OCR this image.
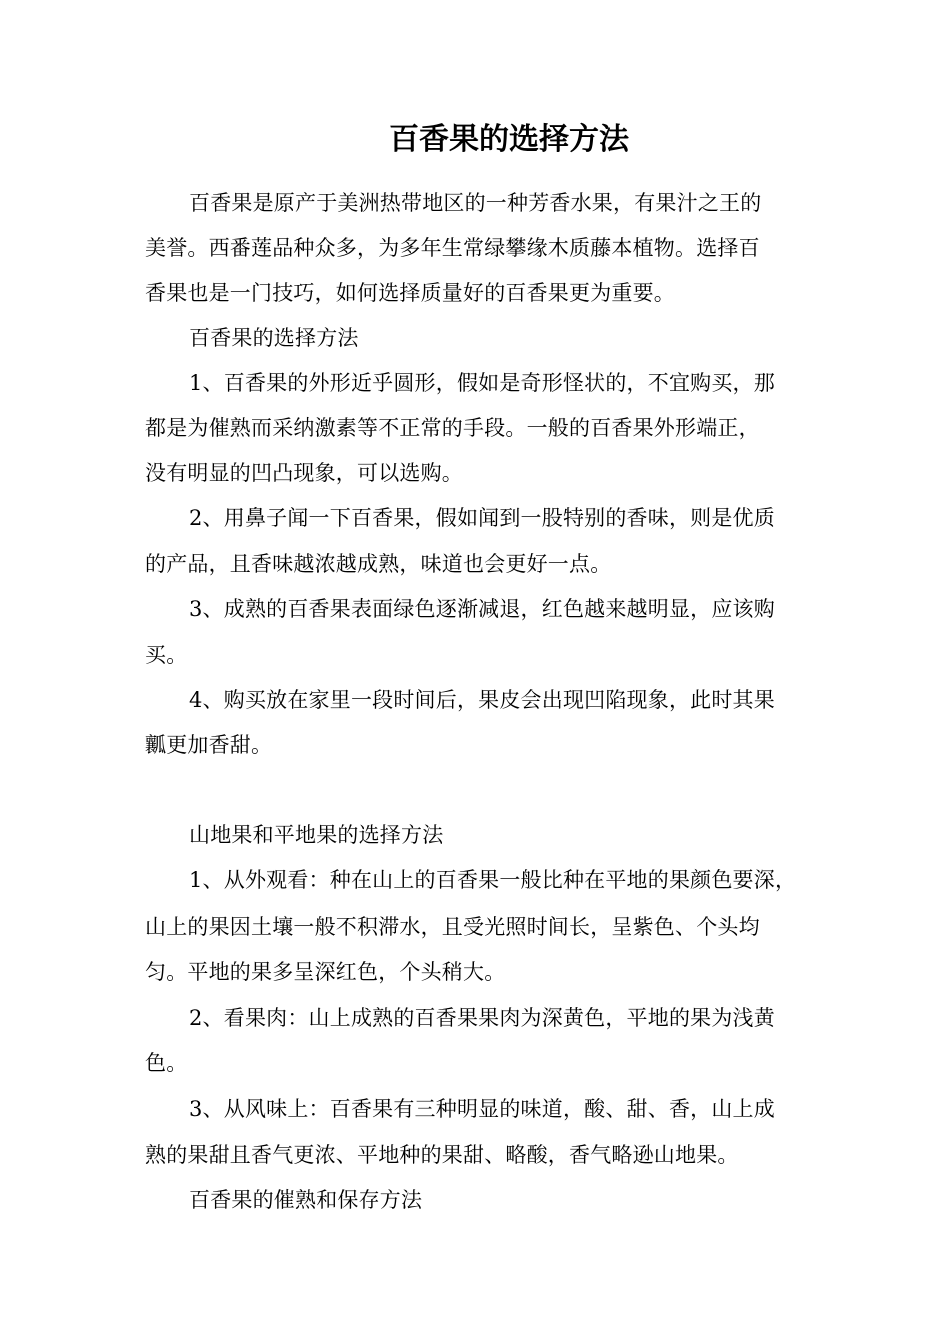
百香果的选择方法
百香果是原产于美洲热带地区的一种芳香水果，有果汁之王的
美誉。西番莲品种众多，为多年生常绿攀缘木质藤本植物。选择百
香果也是一门技巧，如何选择质量好的百香果更为重要。
百香果的选择方法
1、百香果的外形近乎圆形，假如是奇形怪状的，不宜购买，那
都是为催熟而采纳激素等不正常的手段。一般的百香果外形端正，
没有明显的凹凸现象，可以选购。
2、用鼻子闻一下百香果，假如闻到一股特别的香味，则是优质
的产品，且香味越浓越成熟，味道也会更好一点。
3、成熟的百香果表面绿色逐渐减退，红色越来越明显，应该购
买。
4、购买放在家里一段时间后，果皮会出现凹陷现象，此时其果
瓤更加香甜。
山地果和平地果的选择方法
1、从外观看：种在山上的百香果一般比种在平地的果颜色要深，
山上的果因土壤一般不积滞水，且受光照时间长，呈紫色、个头均
匀。平地的果多呈深红色，个头稍大。
2、看果肉：山上成熟的百香果果肉为深黄色，平地的果为浅黄
色。
3、从风味上：百香果有三种明显的味道，酸、甜、香，山上成
熟的果甜且香气更浓、平地种的果甜、略酸，香气略逊山地果。
百香果的催熟和保存方法
